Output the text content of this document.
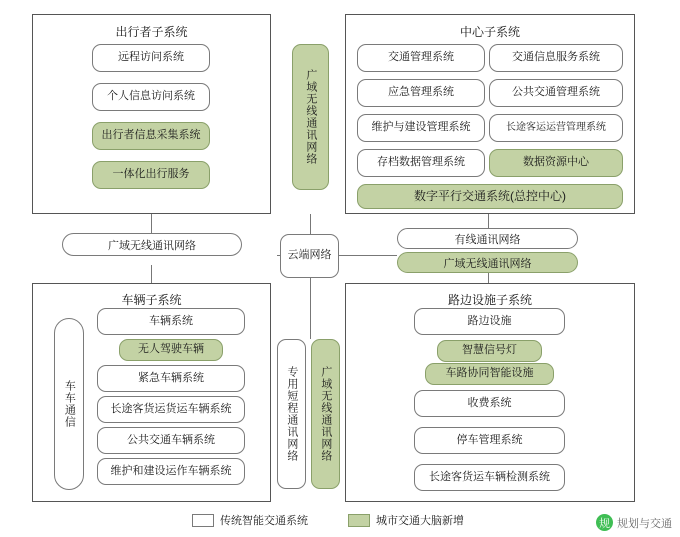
出行者子系统
远程访问系统
个人信息访问系统
出行者信息采集系统
一体化出行服务
广域无线通讯网络
中心子系统
交通管理系统	交通信息服务系统
应急管理系统	公共交通管理系统
维护与建设管理系统	长途客运运营管理系统
存档数据管理系统	数据资源中心
数字平行交通系统(总控中心)
广域无线通讯网络
云端网络
有线通讯网络
广域无线通讯网络
车辆子系统
车车通信
车辆系统
无人驾驶车辆
紧急车辆系统
长途客货运货运车辆系统
公共交通车辆系统
维护和建设运作车辆系统
专用短程通讯网络 广域无线通讯网络
路边设施子系统
路边设施
智慧信号灯
车路协同智能设施
收费系统
停车管理系统
长途客货运车辆检测系统
传统智能交通系统	城市交通大脑新增	规 规划与交通
